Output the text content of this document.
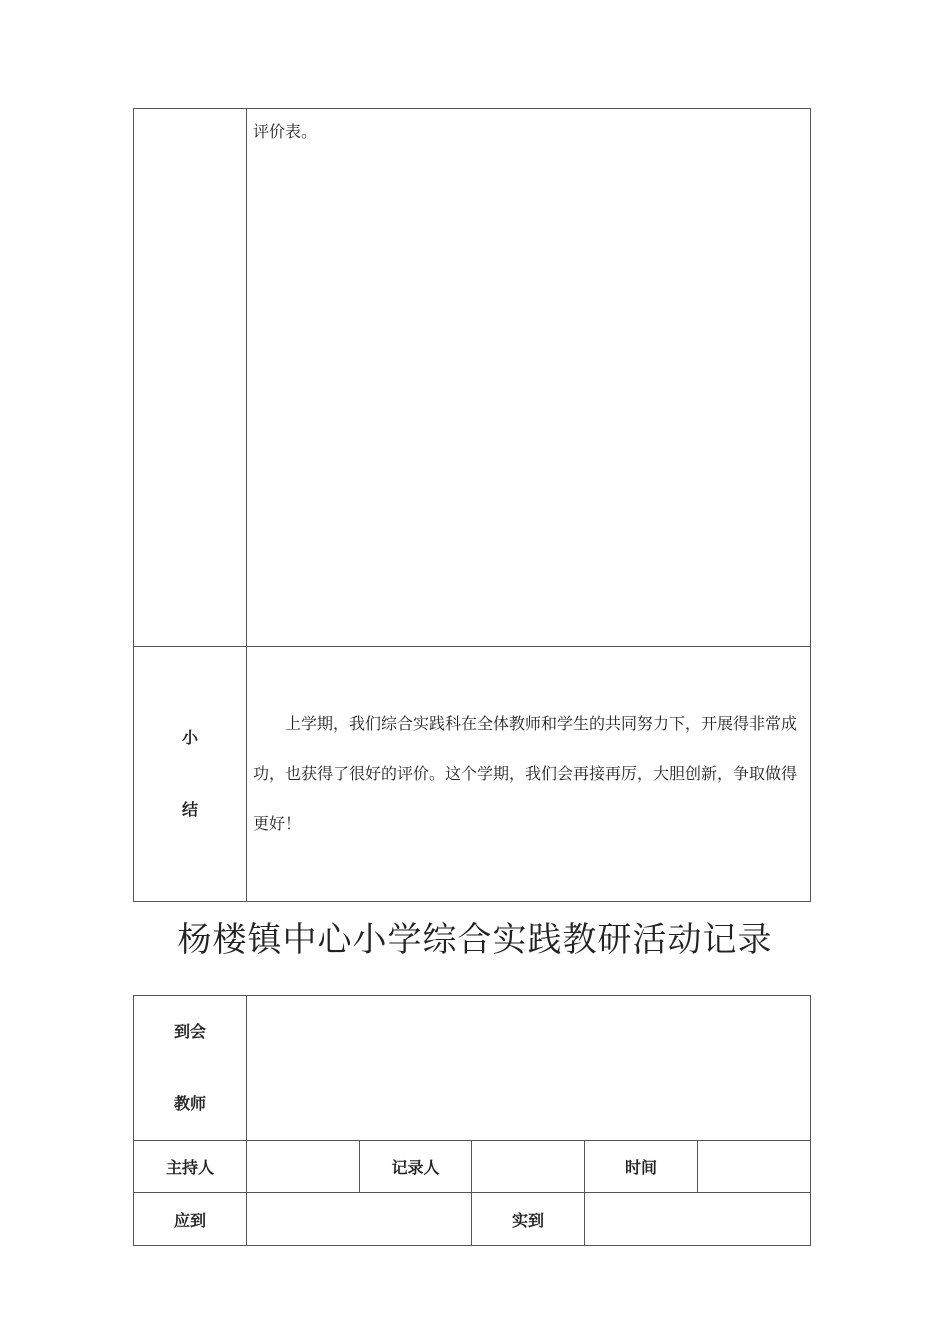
	评价表。

小
结	上学期，我们综合实践科在全体教师和学生的共同努力下，开展得非常成功，也获得了很好的评价。这个学期，我们会再接再厉，大胆创新，争取做得更好！
杨楼镇中心小学综合实践教研活动记录
到会
教师					

主持人		记录人		时间	
应到			实到		
